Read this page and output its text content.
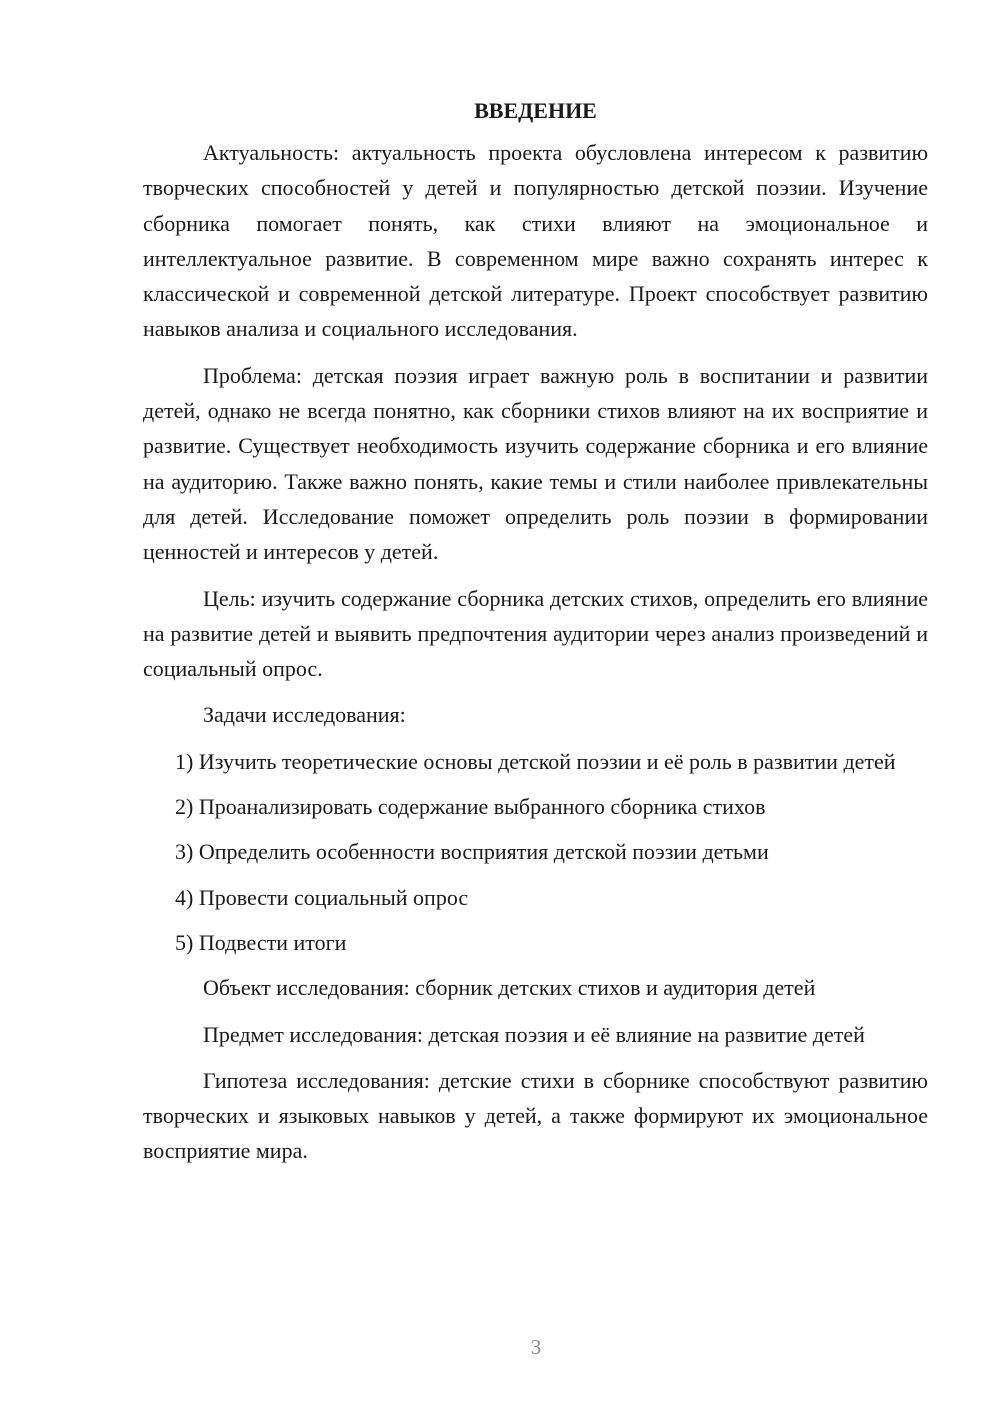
ВВЕДЕНИЕ

Актуальность: актуальность проекта обусловлена интересом к развитию творческих способностей у детей и популярностью детской поэзии. Изучение сборника помогает понять, как стихи влияют на эмоциональное и интеллектуальное развитие. В современном мире важно сохранять интерес к классической и современной детской литературе. Проект способствует развитию навыков анализа и социального исследования.

Проблема: детская поэзия играет важную роль в воспитании и развитии детей, однако не всегда понятно, как сборники стихов влияют на их восприятие и развитие. Существует необходимость изучить содержание сборника и его влияние на аудиторию. Также важно понять, какие темы и стили наиболее привлекательны для детей. Исследование поможет определить роль поэзии в формировании ценностей и интересов у детей.

Цель: изучить содержание сборника детских стихов, определить его влияние на развитие детей и выявить предпочтения аудитории через анализ произведений и социальный опрос.

Задачи исследования:

1) Изучить теоретические основы детской поэзии и её роль в развитии детей

2) Проанализировать содержание выбранного сборника стихов

3) Определить особенности восприятия детской поэзии детьми

4) Провести социальный опрос

5) Подвести итоги

Объект исследования: сборник детских стихов и аудитория детей

Предмет исследования: детская поэзия и её влияние на развитие детей

Гипотеза исследования: детские стихи в сборнике способствуют развитию творческих и языковых навыков у детей, а также формируют их эмоциональное восприятие мира.

3
